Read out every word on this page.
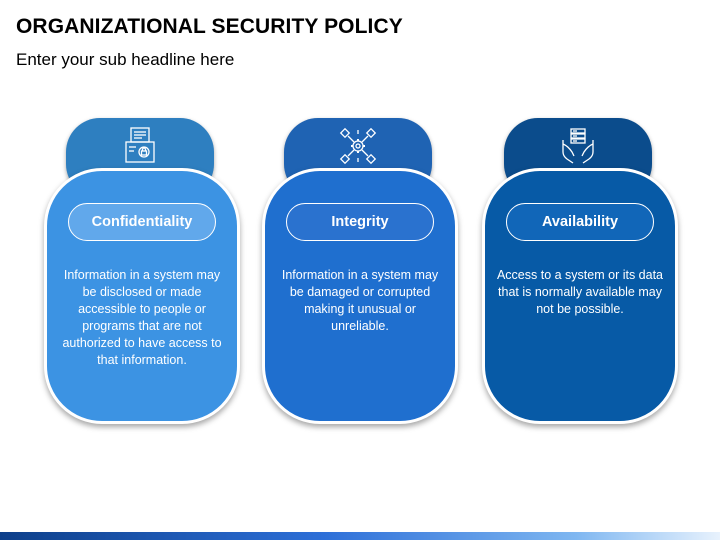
ORGANIZATIONAL SECURITY POLICY
Enter your sub headline here
Confidentiality
Information in a system may be disclosed or made accessible to people or programs that are not authorized to have access to that information.
Integrity
Information in a system may be damaged or corrupted making it unusual or unreliable.
Availability
Access to a system or its data that is normally available may not be possible.
